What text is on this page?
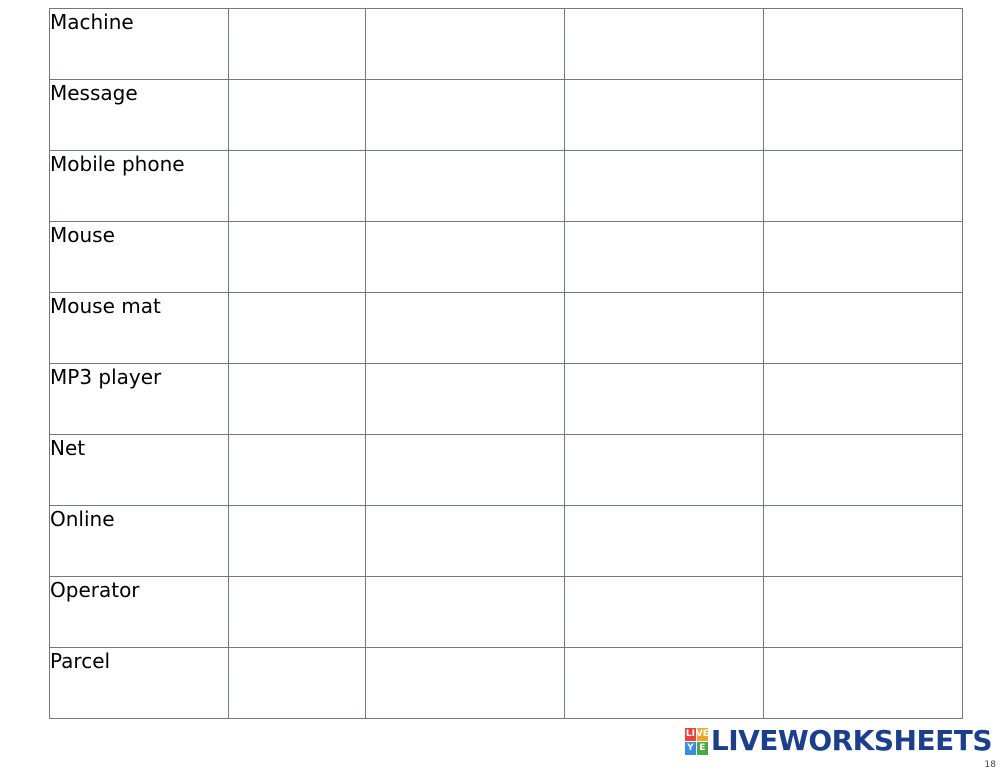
Machine				
Message				
Mobile phone				
Mouse				
Mouse mat				
MP3 player				
Net				
Online				
Operator				
Parcel				
LI VE
Y E LIVEWORKSHEETS
18
